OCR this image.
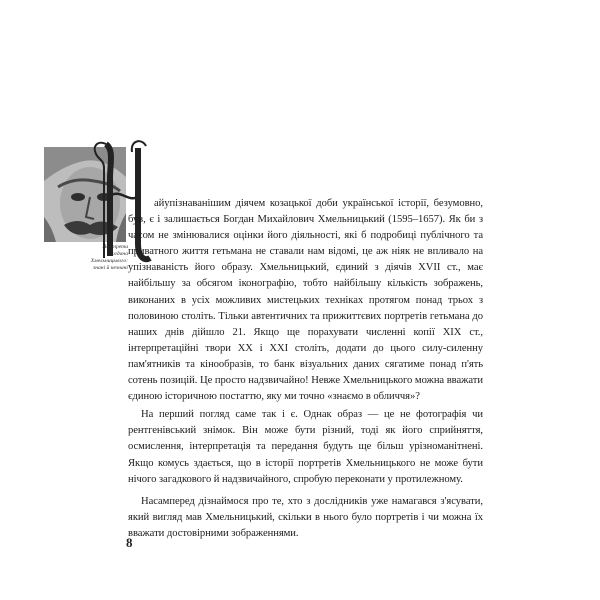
Портрети
Богдана
Хмельницького:
знані й незнані

айупізнаванішим діячем козацької доби української історії, безумовно, був, є і залишається Богдан Михайлович Хмельницький (1595–1657). Як би з часом не змінювалися оцінки його діяльності, які б подробиці публічного та приватного життя гетьмана не ставали нам відомі, це аж ніяк не впливало на упізнаваність його образу. Хмельницький, єдиний з діячів XVII ст., має найбільшу за обсягом іконографію, тобто найбільшу кількість зображень, виконаних в усіх можливих мистецьких техніках протягом понад трьох з половиною століть. Тільки автентичних та прижиттєвих портретів гетьмана до наших днів дійшло 21. Якщо ще порахувати численні копії XIX ст., інтерпретаційні твори XX і XXI століть, додати до цього силу-силенну пам'ятників та кінообразів, то банк візуальних даних сягатиме понад п'ять сотень позицій. Це просто надзвичайно! Невже Хмельницького можна вважати єдиною історичною постаттю, яку ми точно «знаємо в обличчя»?

На перший погляд саме так і є. Однак образ — це не фотографія чи рентгенівський знімок. Він може бути різний, тоді як його сприйняття, осмислення, інтерпретація та передання будуть ще більш урізноманітнені. Якщо комусь здається, що в історії портретів Хмельницького не може бути нічого загадкового й надзвичайного, спробую переконати у протилежному.

Насамперед дізнаймося про те, хто з дослідників уже намагався з'ясувати, який вигляд мав Хмельницький, скільки в нього було портретів і чи можна їх вважати достовірними зображеннями.

8
